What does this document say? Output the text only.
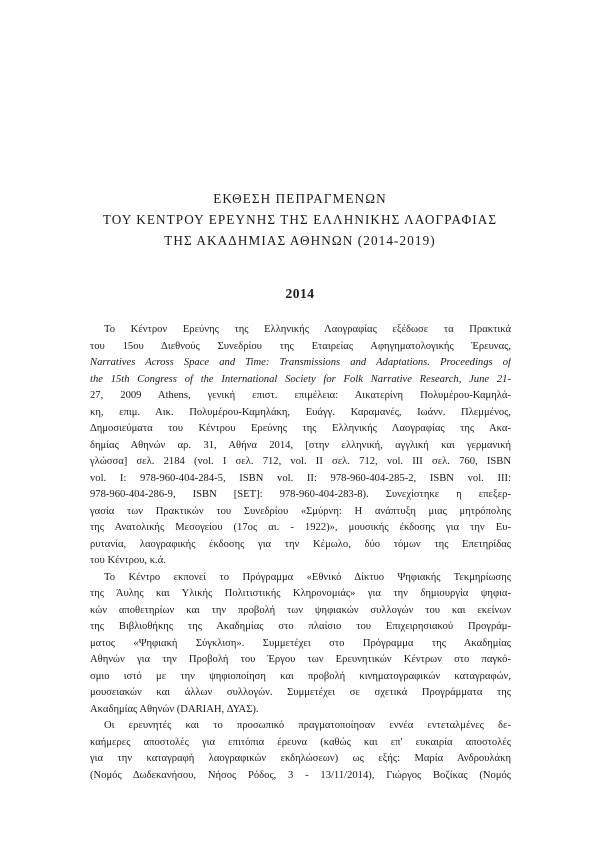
ΕΚΘΕΣΗ ΠΕΠΡΑΓΜΕΝΩΝ
ΤΟΥ ΚΕΝΤΡΟΥ ΕΡΕΥΝΗΣ ΤΗΣ ΕΛΛΗΝΙΚΗΣ ΛΑΟΓΡΑΦΙΑΣ
ΤΗΣ ΑΚΑΔΗΜΙΑΣ ΑΘΗΝΩΝ (2014-2019)
2014
Το Κέντρον Ερεύνης της Ελληνικής Λαογραφίας εξέδωσε τα Πρακτικά
του 15ου Διεθνούς Συνεδρίου της Εταιρείας Αφηγηματολογικής Έρευνας,
Narratives Across Space and Time: Transmissions and Adaptations. Proceedings of
the 15th Congress of the International Society for Folk Narrative Research, June 21-
27, 2009 Athens, γενική επιστ. επιμέλεια: Αικατερίνη Πολυμέρου-Καμηλά-
κη, επιμ. Αικ. Πολυμέρου-Καμηλάκη, Ευάγγ. Καραμανές, Ιωάνν. Πλεμμένος,
Δημοσιεύματα του Κέντρου Ερεύνης της Ελληνικής Λαογραφίας της Ακα-
δημίας Αθηνών αρ. 31, Αθήνα 2014, [στην ελληνική, αγγλική και γερμανική
γλώσσα] σελ. 2184 (vol. I σελ. 712, vol. II σελ. 712, vol. III σελ. 760, ISBN
vol. I: 978-960-404-284-5, ISBN vol. II: 978-960-404-285-2, ISBN vol. III:
978-960-404-286-9, ISBN [SET]: 978-960-404-283-8). Συνεχίστηκε η επεξερ-
γασία των Πρακτικών του Συνεδρίου «Σμύρνη: Η ανάπτυξη μιας μητρόπολης
της Ανατολικής Μεσογείου (17ος αι. - 1922)», μουσικής έκδοσης για την Ευ-
ρυτανία, λαογραφικής έκδοσης για την Κέμωλο, δύο τόμων της Επετηρίδας
του Κέντρου, κ.ά.
Το Κέντρο εκπονεί το Πρόγραμμα «Εθνικό Δίκτυο Ψηφιακής Τεκμηρίωσης
της Άυλης και Υλικής Πολιτιστικής Κληρονομιάς» για την δημιουργία ψηφια-
κών αποθετηρίων και την προβολή των ψηφιακών συλλογών του και εκείνων
της Βιβλιοθήκης της Ακαδημίας στο πλαίσιο του Επιχειρησιακού Προγράμ-
ματος «Ψηφιακή Σύγκλιση». Συμμετέχει στο Πρόγραμμα της Ακαδημίας
Αθηνών για την Προβολή του Έργου των Ερευνητικών Κέντρων στο παγκό-
σμιο ιστό με την ψηφιοποίηση και προβολή κινηματογραφικών καταγραφών,
μουσειακών και άλλων συλλογών. Συμμετέχει σε σχετικά Προγράμματα της
Ακαδημίας Αθηνών (DARIAH, ΔΥΑΣ).
Οι ερευνητές και το προσωπικό πραγματοποίησαν εννέα εντεταλμένες δε-
καήμερες αποστολές για επιτόπια έρευνα (καθώς και επ' ευκαιρία αποστολές
για την καταγραφή λαογραφικών εκδηλώσεων) ως εξής: Μαρία Ανδρουλάκη
(Νομός Δωδεκανήσου, Νήσος Ρόδος, 3 - 13/11/2014), Γιώργος Βοζίκας (Νομός
